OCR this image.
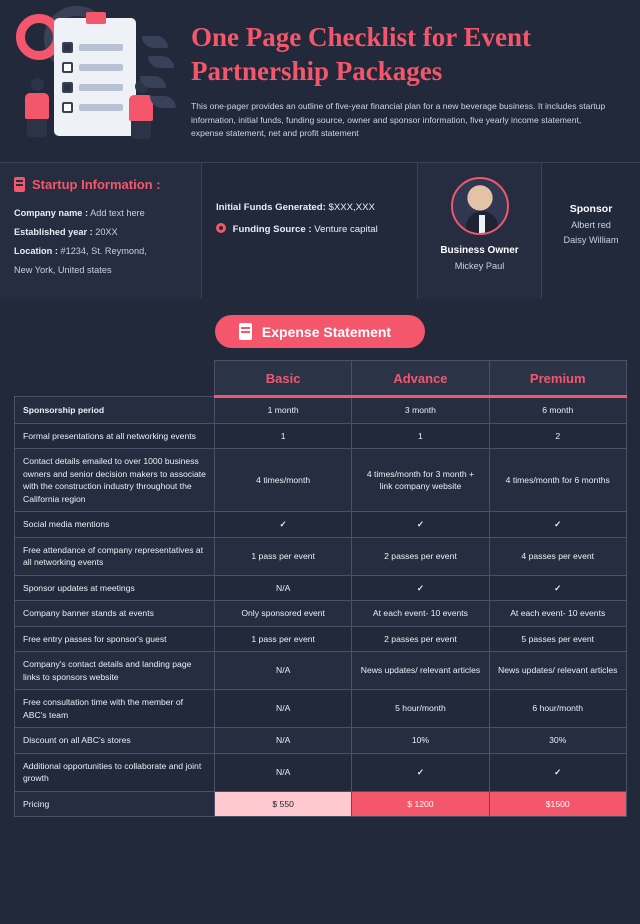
One Page Checklist for Event Partnership Packages
This one-pager provides an outline of five-year financial plan for a new beverage business. It includes startup information, initial funds, funding source, owner and sponsor information, five yearly income statement, expense statement, net and profit statement
Startup Information :
Company name : Add text here
Established year : 20XX
Location : #1234, St. Reymond,
New York, United states
Initial Funds Generated: $XXX,XXX
Funding Source : Venture capital
Business Owner
Mickey Paul
Sponsor
Albert red
Daisy William
Expense Statement
	Basic	Advance	Premium
Sponsorship period	1 month	3 month	6 month
Formal presentations at all networking events	1	1	2
Contact details emailed to over 1000 business owners and senior decision makers to associate with the construction industry throughout the California region	4 times/month	4 times/month for 3 month + link company website	4 times/month for 6 months
Social media mentions	✓	✓	✓
Free attendance of company representatives at all networking events	1 pass per event	2 passes per event	4 passes per event
Sponsor updates at meetings	N/A	✓	✓
Company banner stands at events	Only sponsored event	At each event- 10 events	At each event- 10 events
Free entry passes for sponsor's guest	1 pass per event	2 passes per event	5 passes per event
Company's contact details and landing page links to sponsors website	N/A	News updates/ relevant articles	News updates/ relevant articles
Free consultation time with the member of ABC's team	N/A	5 hour/month	6 hour/month
Discount on all ABC's stores	N/A	10%	30%
Additional opportunities to collaborate and joint growth	N/A	✓	✓
Pricing	$ 550	$ 1200	$1500
